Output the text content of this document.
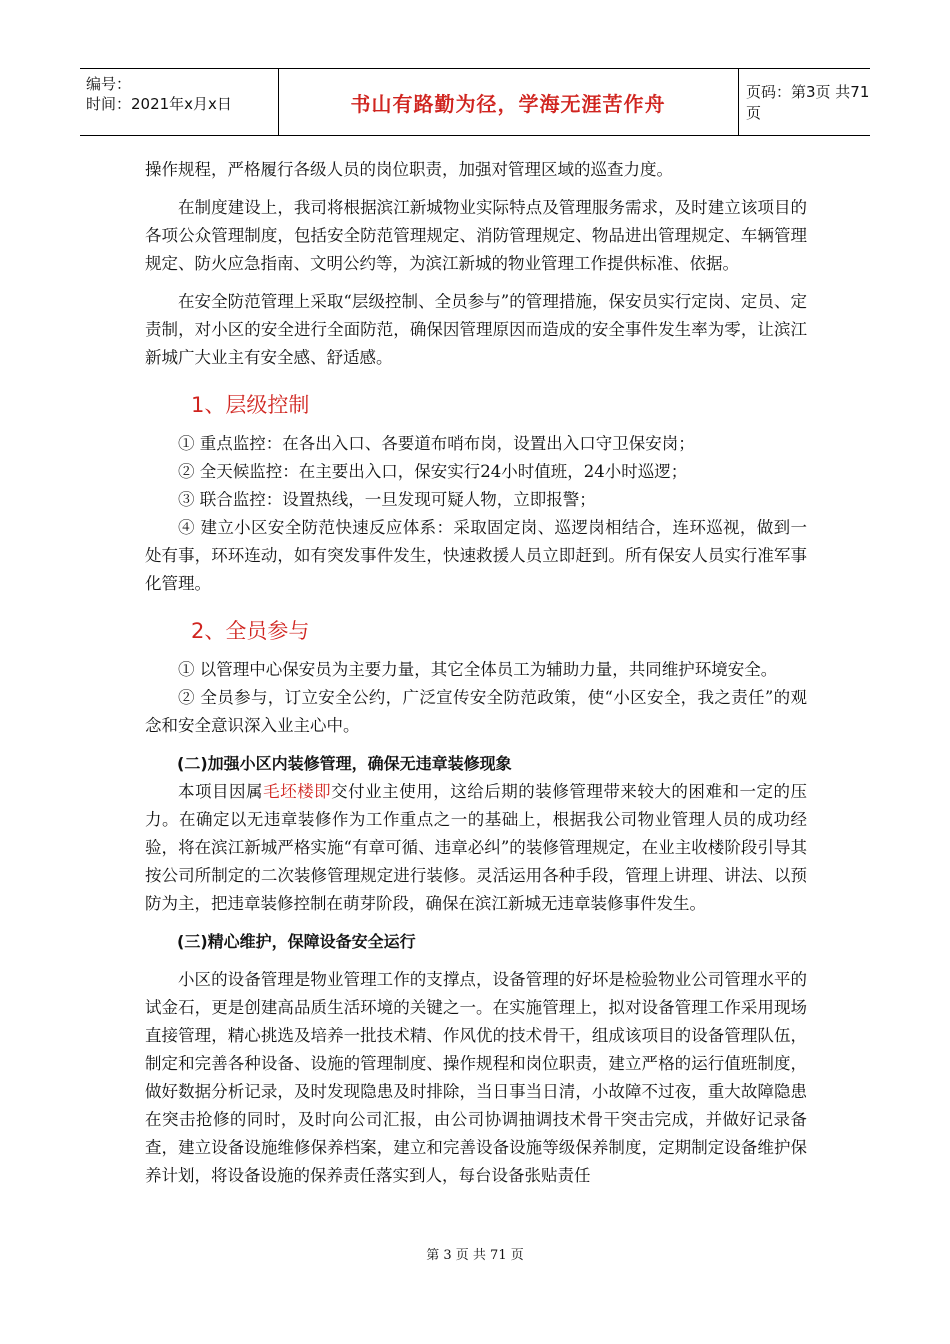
编号：
时间：2021年x月x日	书山有路勤为径，学海无涯苦作舟	页码：第3页 共71页

操作规程，严格履行各级人员的岗位职责，加强对管理区域的巡查力度。

在制度建设上，我司将根据滨江新城物业实际特点及管理服务需求，及时建立该项目的各项公众管理制度，包括安全防范管理规定、消防管理规定、物品进出管理规定、车辆管理规定、防火应急指南、文明公约等，为滨江新城的物业管理工作提供标准、依据。

在安全防范管理上采取“层级控制、全员参与”的管理措施，保安员实行定岗、定员、定责制，对小区的安全进行全面防范，确保因管理原因而造成的安全事件发生率为零，让滨江新城广大业主有安全感、舒适感。

1、层级控制

① 重点监控：在各出入口、各要道布哨布岗，设置出入口守卫保安岗；

② 全天候监控：在主要出入口，保安实行24小时值班，24小时巡逻；

③ 联合监控：设置热线，一旦发现可疑人物，立即报警；

④ 建立小区安全防范快速反应体系：采取固定岗、巡逻岗相结合，连环巡视，做到一处有事，环环连动，如有突发事件发生，快速救援人员立即赶到。所有保安人员实行准军事化管理。

2、全员参与

① 以管理中心保安员为主要力量，其它全体员工为辅助力量，共同维护环境安全。

② 全员参与，订立安全公约，广泛宣传安全防范政策，使“小区安全，我之责任”的观念和安全意识深入业主心中。

(二)加强小区内装修管理，确保无违章装修现象

本项目因属毛坯楼即交付业主使用，这给后期的装修管理带来较大的困难和一定的压力。在确定以无违章装修作为工作重点之一的基础上，根据我公司物业管理人员的成功经验，将在滨江新城严格实施“有章可循、违章必纠”的装修管理规定，在业主收楼阶段引导其按公司所制定的二次装修管理规定进行装修。灵活运用各种手段，管理上讲理、讲法、以预防为主，把违章装修控制在萌芽阶段，确保在滨江新城无违章装修事件发生。

(三)精心维护，保障设备安全运行

小区的设备管理是物业管理工作的支撑点，设备管理的好坏是检验物业公司管理水平的试金石，更是创建高品质生活环境的关键之一。在实施管理上，拟对设备管理工作采用现场直接管理，精心挑选及培养一批技术精、作风优的技术骨干，组成该项目的设备管理队伍，制定和完善各种设备、设施的管理制度、操作规程和岗位职责，建立严格的运行值班制度，做好数据分析记录，及时发现隐患及时排除，当日事当日清，小故障不过夜，重大故障隐患在突击抢修的同时，及时向公司汇报，由公司协调抽调技术骨干突击完成，并做好记录备查，建立设备设施维修保养档案，建立和完善设备设施等级保养制度，定期制定设备维护保养计划，将设备设施的保养责任落实到人，每台设备张贴责任

第 3 页 共 71 页
